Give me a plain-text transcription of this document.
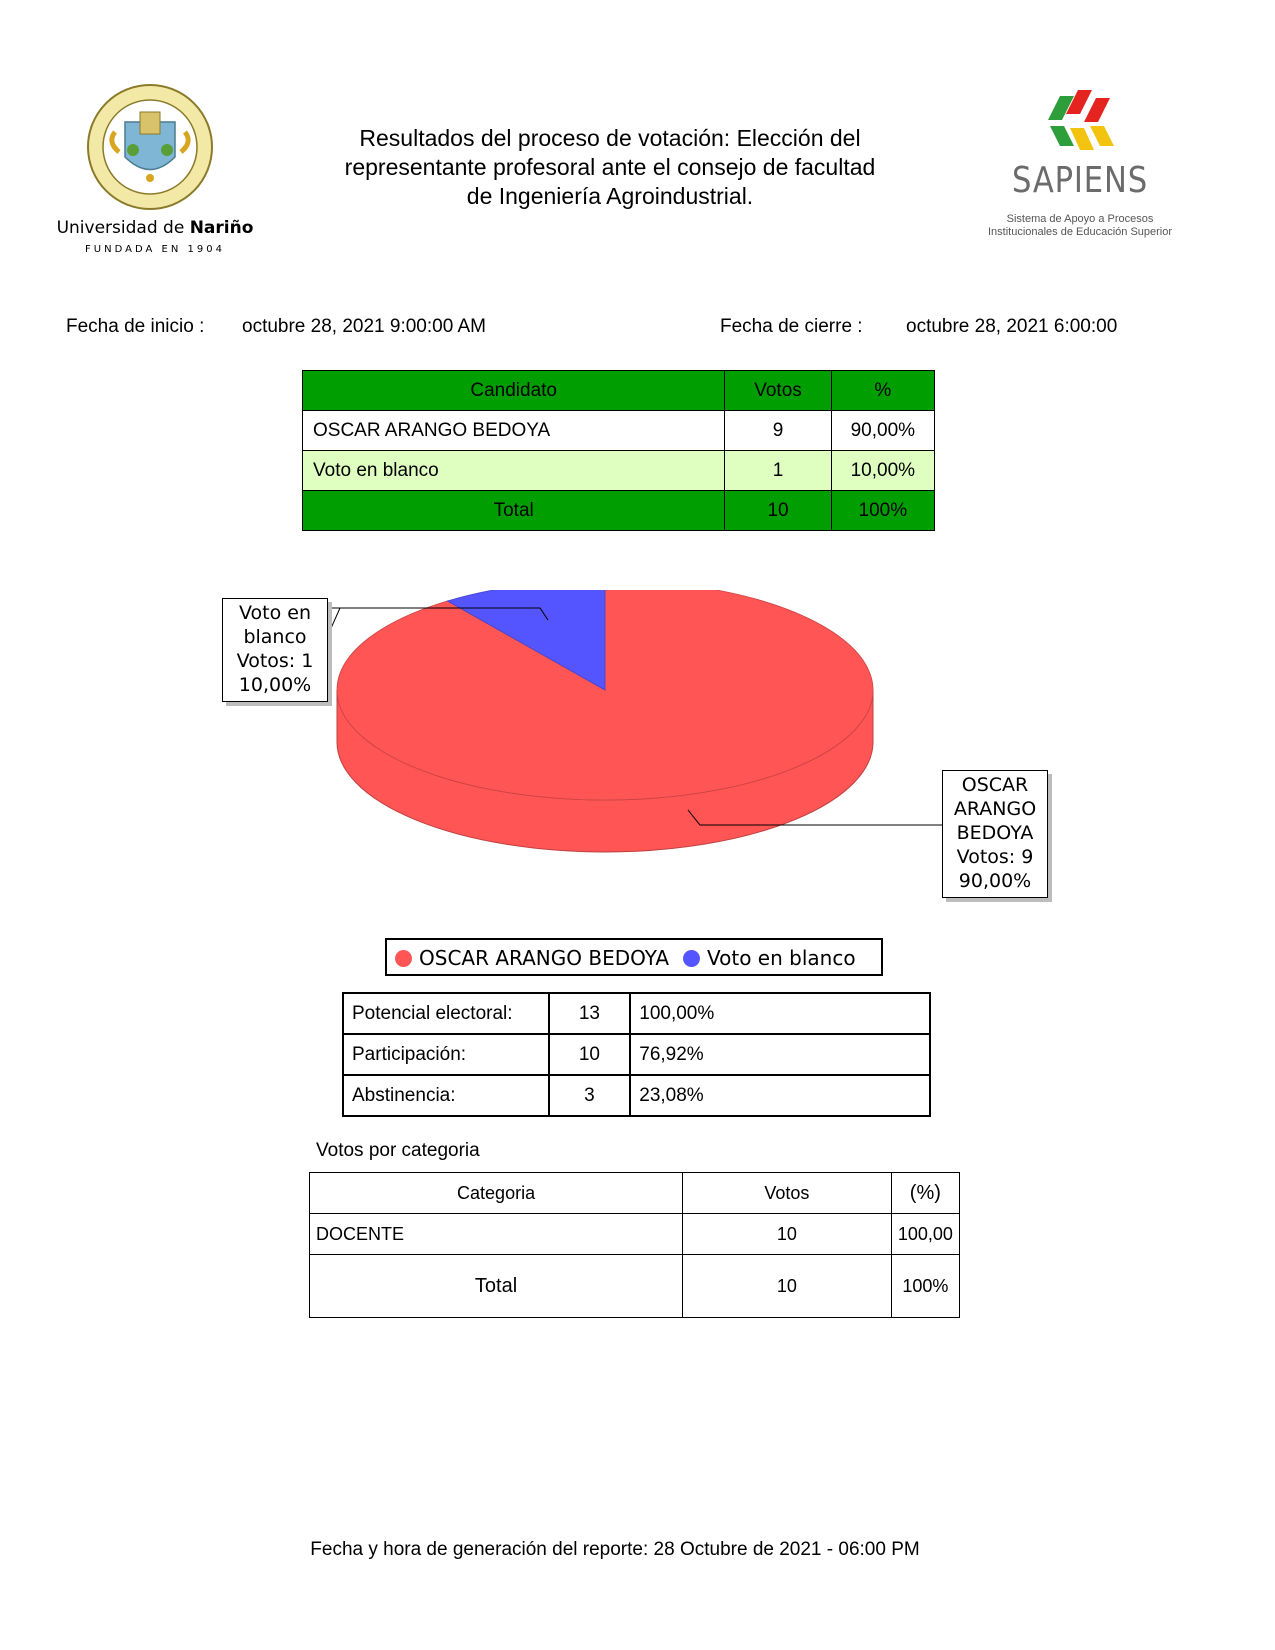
Universidad de Nariño
FUNDADA EN 1904
Resultados del proceso de votación: Elección del representante profesoral ante el consejo de facultad de Ingeniería Agroindustrial.	SAPIENS
Sistema de Apoyo a Procesos
Institucionales de Educación Superior
Fecha de inicio : octubre 28, 2021 9:00:00 AM	Fecha de cierre : octubre 28, 2021 6:00:00
Candidato	Votos	%
OSCAR ARANGO BEDOYA	9	90,00%
Voto en blanco	1	10,00%
Total	10	100%
Voto en
blanco
Votos: 1
10,00%
OSCAR
ARANGO
BEDOYA
Votos: 9
90,00%
OSCAR ARANGO BEDOYA	Voto en blanco
Potencial electoral:	13	100,00%
Participación:	10	76,92%
Abstinencia:	3	23,08%
Votos por categoria
Categoria	Votos	(%)
DOCENTE	10	100,00
Total	10	100%
Fecha y hora de generación del reporte: 28 Octubre de 2021 - 06:00 PM
